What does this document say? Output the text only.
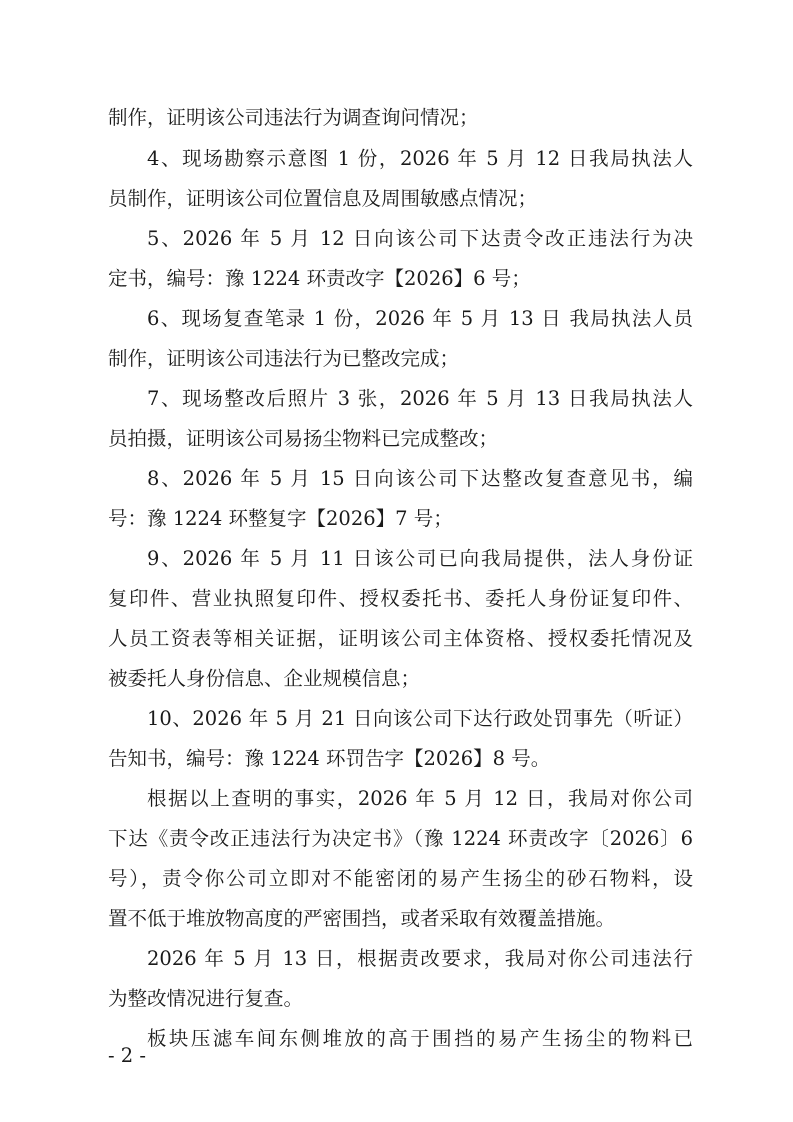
制作，证明该公司违法行为调查询问情况；
4、现场勘察示意图 1 份，2026 年 5 月 12 日我局执法人
员制作，证明该公司位置信息及周围敏感点情况；
5、2026 年 5 月 12 日向该公司下达责令改正违法行为决
定书，编号：豫 1224 环责改字【2026】6 号；
6、现场复查笔录 1 份，2026 年 5 月 13 日 我局执法人员
制作，证明该公司违法行为已整改完成；
7、现场整改后照片 3 张，2026 年 5 月 13 日我局执法人
员拍摄，证明该公司易扬尘物料已完成整改；
8、2026 年 5 月 15 日向该公司下达整改复查意见书，编
号：豫 1224 环整复字【2026】7 号；
9、2026 年 5 月 11 日该公司已向我局提供，法人身份证
复印件、营业执照复印件、授权委托书、委托人身份证复印件、
人员工资表等相关证据，证明该公司主体资格、授权委托情况及
被委托人身份信息、企业规模信息；
10、2026 年 5 月 21 日向该公司下达行政处罚事先（听证）
告知书，编号：豫 1224 环罚告字【2026】8 号。
根据以上查明的事实，2026 年 5 月 12 日，我局对你公司
下达《责令改正违法行为决定书》（豫 1224 环责改字〔2026〕6
号），责令你公司立即对不能密闭的易产生扬尘的砂石物料，设
置不低于堆放物高度的严密围挡，或者采取有效覆盖措施。
2026 年 5 月 13 日，根据责改要求，我局对你公司违法行
为整改情况进行复查。
板块压滤车间东侧堆放的高于围挡的易产生扬尘的物料已
- 2 -
